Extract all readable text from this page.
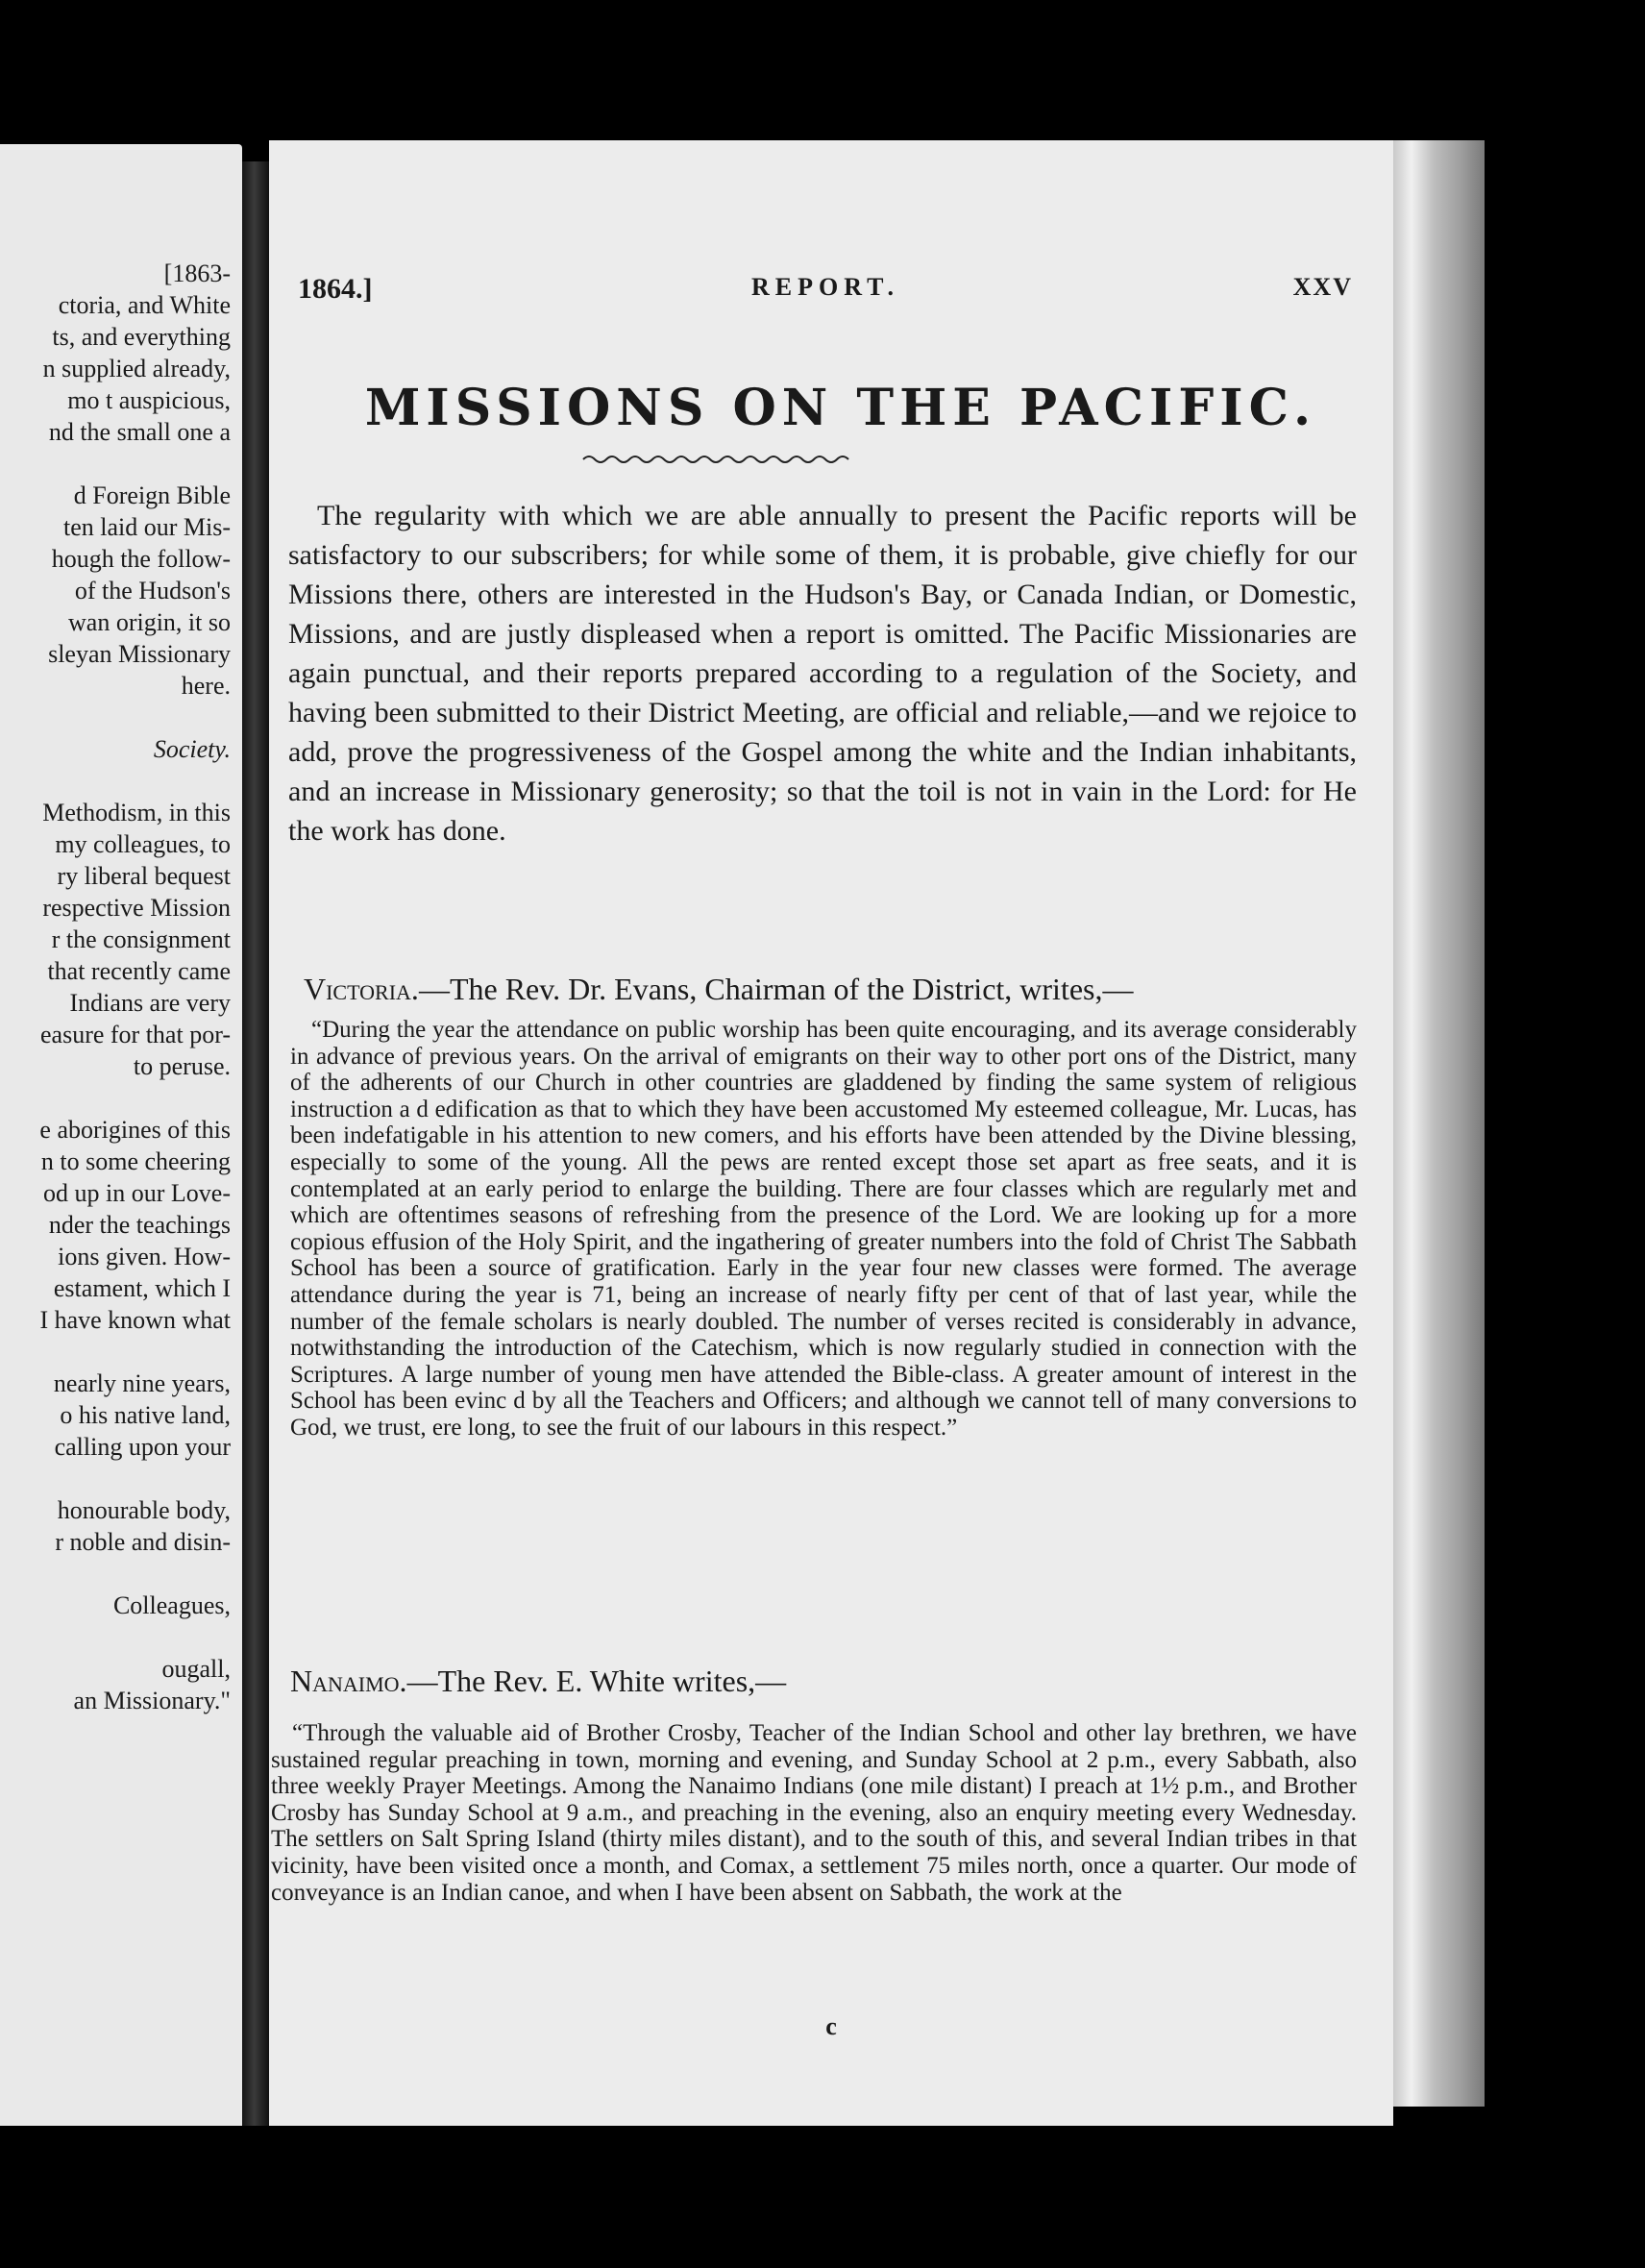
[1863-
ctoria, and White
ts, and everything
n supplied already,
mo t auspicious,
nd the small one a
d Foreign Bible
ten laid our Mis-
hough the follow-
of the Hudson's
wan origin, it so
sleyan Missionary
here.
Society.
Methodism, in this
my colleagues, to
ry liberal bequest
respective Mission
r the consignment
that recently came
Indians are very
easure for that por-
to peruse.
e aborigines of this
n to some cheering
od up in our Love-
nder the teachings
ions given. How-
estament, which I
I have known what
nearly nine years,
o his native land,
calling upon your
honourable body,
r noble and disin-
Colleagues,
ougall,
an Missionary."
1864.]	REPORT.	XXV
MISSIONS ON THE PACIFIC.
The regularity with which we are able annually to present the Pacific reports will be satisfactory to our subscribers; for while some of them, it is probable, give chiefly for our Missions there, others are interested in the Hudson's Bay, or Canada Indian, or Domestic, Missions, and are justly displeased when a report is omitted. The Pacific Missionaries are again punctual, and their reports prepared according to a regulation of the Society, and having been submitted to their District Meeting, are official and reliable,—and we rejoice to add, prove the progressiveness of the Gospel among the white and the Indian inhabitants, and an increase in Missionary generosity; so that the toil is not in vain in the Lord: for He the work has done.
Victoria.—The Rev. Dr. Evans, Chairman of the District, writes,—
“During the year the attendance on public worship has been quite encouraging, and its average considerably in advance of previous years. On the arrival of emigrants on their way to other port ons of the District, many of the adherents of our Church in other countries are gladdened by finding the same system of religious instruction a d edification as that to which they have been accustomed My esteemed colleague, Mr. Lucas, has been indefatigable in his attention to new comers, and his efforts have been attended by the Divine blessing, especially to some of the young. All the pews are rented except those set apart as free seats, and it is contemplated at an early period to enlarge the building. There are four classes which are regularly met and which are oftentimes seasons of refreshing from the presence of the Lord. We are looking up for a more copious effusion of the Holy Spirit, and the ingathering of greater numbers into the fold of Christ The Sabbath School has been a source of gratification. Early in the year four new classes were formed. The average attendance during the year is 71, being an increase of nearly fifty per cent of that of last year, while the number of the female scholars is nearly doubled. The number of verses recited is considerably in advance, notwithstanding the introduction of the Catechism, which is now regularly studied in connection with the Scriptures. A large number of young men have attended the Bible-class. A greater amount of interest in the School has been evinc d by all the Teachers and Officers; and although we cannot tell of many conversions to God, we trust, ere long, to see the fruit of our labours in this respect.”
Nanaimo.—The Rev. E. White writes,—
“Through the valuable aid of Brother Crosby, Teacher of the Indian School and other lay brethren, we have sustained regular preaching in town, morning and evening, and Sunday School at 2 p.m., every Sabbath, also three weekly Prayer Meetings. Among the Nanaimo Indians (one mile distant) I preach at 1½ p.m., and Brother Crosby has Sunday School at 9 a.m., and preaching in the evening, also an enquiry meeting every Wednesday. The settlers on Salt Spring Island (thirty miles distant), and to the south of this, and several Indian tribes in that vicinity, have been visited once a month, and Comax, a settlement 75 miles north, once a quarter. Our mode of conveyance is an Indian canoe, and when I have been absent on Sabbath, the work at the
c
